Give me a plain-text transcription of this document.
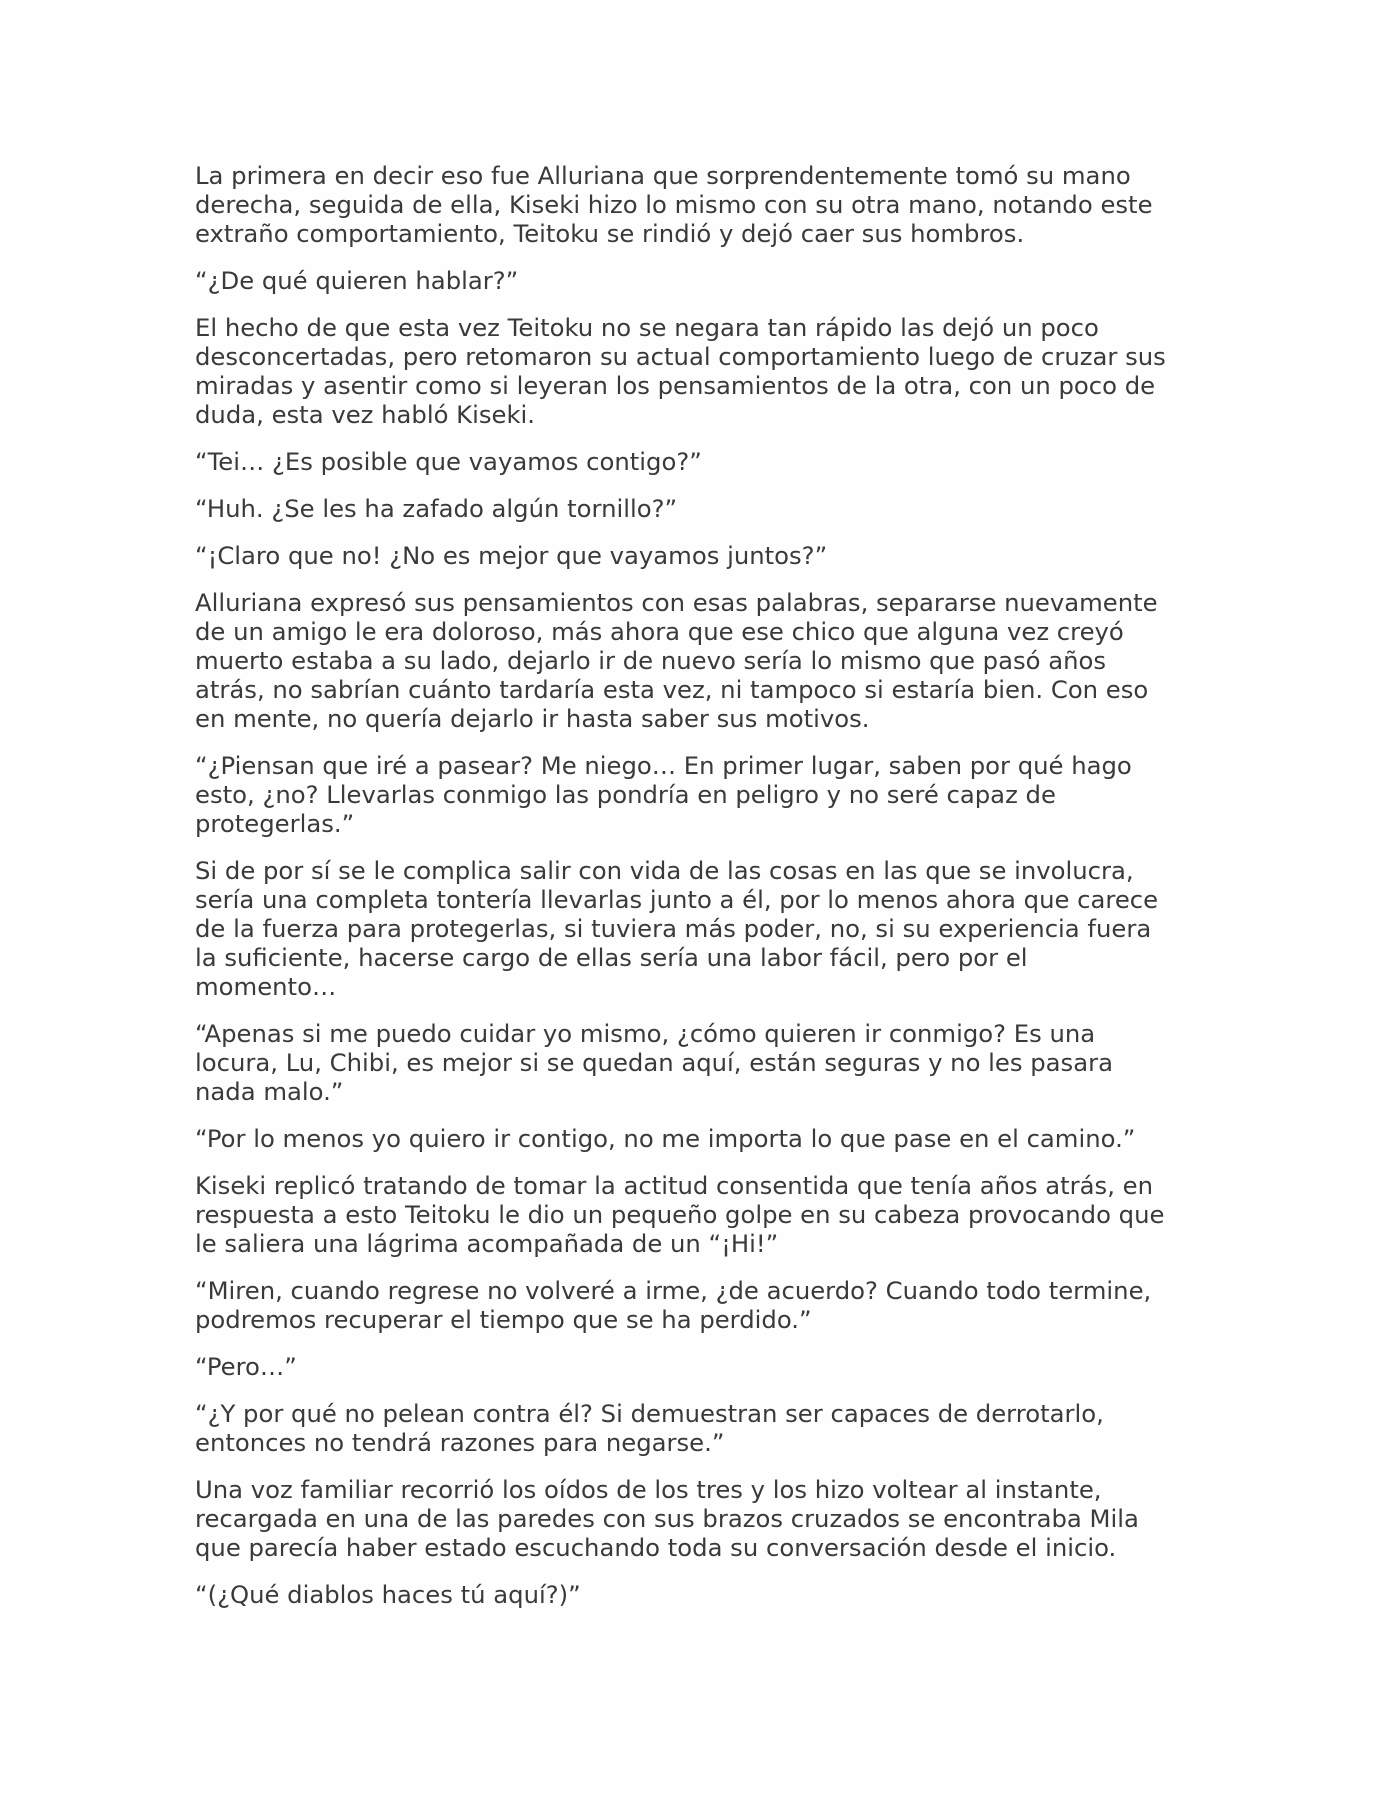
La primera en decir eso fue Alluriana que sorprendentemente tomó su mano
derecha, seguida de ella, Kiseki hizo lo mismo con su otra mano, notando este
extraño comportamiento, Teitoku se rindió y dejó caer sus hombros.

“¿De qué quieren hablar?”

El hecho de que esta vez Teitoku no se negara tan rápido las dejó un poco
desconcertadas, pero retomaron su actual comportamiento luego de cruzar sus
miradas y asentir como si leyeran los pensamientos de la otra, con un poco de
duda, esta vez habló Kiseki.

“Tei… ¿Es posible que vayamos contigo?”

“Huh. ¿Se les ha zafado algún tornillo?”

“¡Claro que no! ¿No es mejor que vayamos juntos?”

Alluriana expresó sus pensamientos con esas palabras, separarse nuevamente
de un amigo le era doloroso, más ahora que ese chico que alguna vez creyó
muerto estaba a su lado, dejarlo ir de nuevo sería lo mismo que pasó años
atrás, no sabrían cuánto tardaría esta vez, ni tampoco si estaría bien. Con eso
en mente, no quería dejarlo ir hasta saber sus motivos.

“¿Piensan que iré a pasear? Me niego… En primer lugar, saben por qué hago
esto, ¿no? Llevarlas conmigo las pondría en peligro y no seré capaz de
protegerlas.”

Si de por sí se le complica salir con vida de las cosas en las que se involucra,
sería una completa tontería llevarlas junto a él, por lo menos ahora que carece
de la fuerza para protegerlas, si tuviera más poder, no, si su experiencia fuera
la suficiente, hacerse cargo de ellas sería una labor fácil, pero por el
momento…

“Apenas si me puedo cuidar yo mismo, ¿cómo quieren ir conmigo? Es una
locura, Lu, Chibi, es mejor si se quedan aquí, están seguras y no les pasara
nada malo.”

“Por lo menos yo quiero ir contigo, no me importa lo que pase en el camino.”

Kiseki replicó tratando de tomar la actitud consentida que tenía años atrás, en
respuesta a esto Teitoku le dio un pequeño golpe en su cabeza provocando que
le saliera una lágrima acompañada de un “¡Hi!”

“Miren, cuando regrese no volveré a irme, ¿de acuerdo? Cuando todo termine,
podremos recuperar el tiempo que se ha perdido.”

“Pero…”

“¿Y por qué no pelean contra él? Si demuestran ser capaces de derrotarlo,
entonces no tendrá razones para negarse.”

Una voz familiar recorrió los oídos de los tres y los hizo voltear al instante,
recargada en una de las paredes con sus brazos cruzados se encontraba Mila
que parecía haber estado escuchando toda su conversación desde el inicio.

“(¿Qué diablos haces tú aquí?)”
